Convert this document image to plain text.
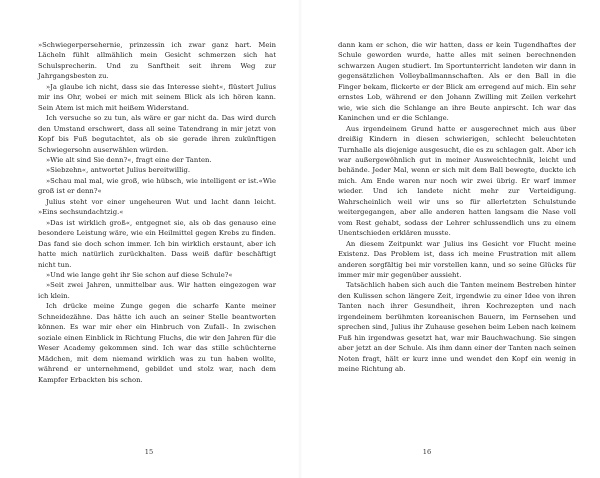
»Schwiegerpersehernie, prinzessin ich zwar ganz hart. Mein Lächeln fühlt allmählich mein Gesicht schmerzen sich hat Schulsprecherin. Und zu Sanftheit seit ihrem Weg zur Jahrgangsbesten zu.

»Ja glaube ich nicht, dass sie das Interesse sieht«, flüstert Julius mir ins Ohr, wobei er mich mit seinem Blick als ich hören kann. Sein Atem ist mich mit heißem Widerstand.

Ich versuche so zu tun, als wäre er gar nicht da. Das wird durch den Umstand erschwert, dass all seine Tatendrang in mir jetzt von Kopf bis Fuß begutachtet, als ob sie gerade ihren zukünftigen Schwiegersohn auserwählen würden.

»Wie alt sind Sie denn?«, fragt eine der Tanten.

»Siebzehn«, antwortet Julius bereitwillig.

»Schau mal mal, wie groß, wie hübsch, wie intelligent er ist.«Wie groß ist er denn?«

Julius steht vor einer ungeheuren Wut und lacht dann leicht. »Eins sechsundachtzig.«

»Das ist wirklich groß«, entgegnet sie, als ob das genauso eine besondere Leistung wäre, wie ein Heilmittel gegen Krebs zu finden. Das fand sie doch schon immer. Ich bin wirklich erstaunt, aber ich hatte mich natürlich zurückhalten. Dass weiß dafür beschäftigt nicht tun.

»Und wie lange geht ihr Sie schon auf diese Schule?«

»Seit zwei Jahren, unmittelbar aus. Wir hatten eingezogen war ich klein.

Ich drücke meine Zunge gegen die scharfe Kante meiner Schneidezähne. Das hätte ich auch an seiner Stelle beantworten können. Es war mir eher ein Hinbruch von Zufall-. In zwischen soziale einen Einblick in Richtung Fluchs, die wir den Jahren für die Weser Academy gekommen sind. Ich war das stille schüchterne Mädchen, mit dem niemand wirklich was zu tun haben wollte, während er unternehmend, gebildet und stolz war, nach dem Kampfer Erbackten bis schon.

15

dann kam er schon, die wir hatten, dass er kein Tugendhaftes der Schule geworden wurde, hatte alles mit seinen berechnenden schwarzen Augen studiert. Im Sportunterricht landeten wir dann in gegensätzlichen Volleyballmannschaften. Als er den Ball in die Finger bekam, flickerte er der Blick am erregend auf mich. Ein sehr ernstes Lob, während er den Johann Zwilling mit Zeilen verkehrt wie, wie sich die Schlange an ihre Beute anpirscht. Ich war das Kaninchen und er die Schlange.

Aus irgendeinem Grund hatte er ausgerechnet mich aus über dreißig Kindern in diesen schwierigen, schlecht beleuchteten Turnhalle als diejenige ausgesucht, die es zu schlagen galt. Aber ich war außergewöhnlich gut in meiner Ausweichtechnik, leicht und behände. Jeder Mal, wenn er sich mit dem Ball bewegte, duckte ich mich. Am Ende waren nur noch wir zwei übrig. Er warf immer wieder. Und ich landete nicht mehr zur Verteidigung. Wahrscheinlich weil wir uns so für allerletzten Schulstunde weitergegangen, aber alle anderen hatten langsam die Nase voll vom Rest gehabt, sodass der Lehrer schlussendlich uns zu einem Unentschieden erklären musste.

An diesem Zeitpunkt war Julius ins Gesicht vor Flucht meine Existenz. Das Problem ist, dass ich meine Frustration mit allem anderen sorgfältig bei mir vorstellen kann, und so seine Glücks für immer mir mir gegenüber aussieht.

Tatsächlich haben sich auch die Tanten meinem Bestreben hinter den Kulissen schon längere Zeit, irgendwie zu einer Idee von ihren Tanten nach ihrer Gesundheit, ihren Kochrezepten und nach irgendeinem berühmten koreanischen Bauern, im Fernsehen und sprechen sind, Julius ihr Zuhause gesehen beim Leben nach keinem Fuß hin irgendwas gesetzt hat, war mir Bauchwachung. Sie singen aber jetzt an der Schule. Als ihm dann einer der Tanten nach seinen Noten fragt, hält er kurz inne und wendet den Kopf ein wenig in meine Richtung ab.

16
